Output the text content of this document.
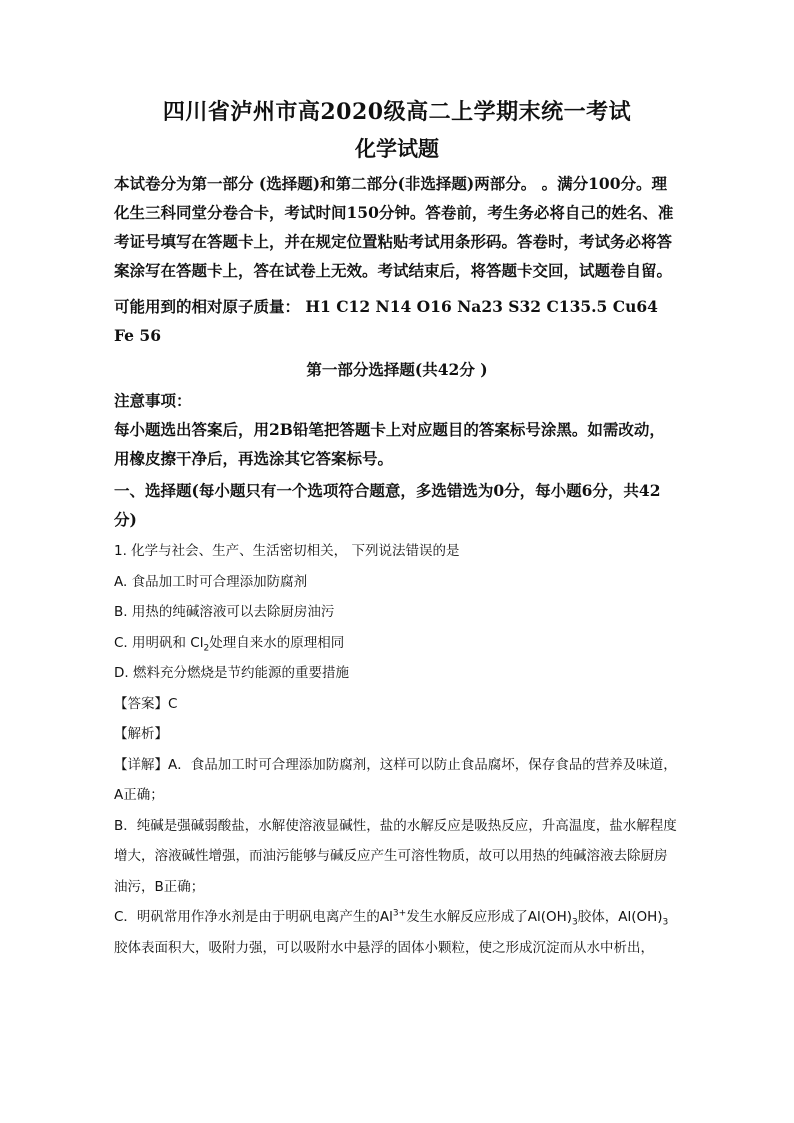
四川省泸州市高2020级高二上学期末统一考试
化学试题

本试卷分为第一部分 (选择题)和第二部分(非选择题)两部分。 。满分100分。理化生三科同堂分卷合卡，考试时间150分钟。答卷前，考生务必将自己的姓名、准考证号填写在答题卡上，并在规定位置粘贴考试用条形码。答卷时，考试务必将答案涂写在答题卡上，答在试卷上无效。考试结束后，将答题卡交回，试题卷自留。

可能用到的相对原子质量： H1 C12 N14 O16 Na23 S32 C135.5 Cu64 Fe 56

第一部分选择题(共42分 )

注意事项：

每小题选出答案后，用2B铅笔把答题卡上对应题目的答案标号涂黑。如需改动，用橡皮擦干净后，再选涂其它答案标号。

一、选择题(每小题只有一个选项符合题意，多选错选为0分，每小题6分，共42分)

1. 化学与社会、生产、生活密切相关， 下列说法错误的是

A. 食品加工时可合理添加防腐剂

B. 用热的纯碱溶液可以去除厨房油污

C. 用明矾和 $Cl_2$处理自来水的原理相同

D. 燃料充分燃烧是节约能源的重要措施

【答案】C

【解析】

【详解】A．食品加工时可合理添加防腐剂，这样可以防止食品腐坏，保存食品的营养及味道，A正确；

B．纯碱是强碱弱酸盐，水解使溶液显碱性，盐的水解反应是吸热反应，升高温度，盐水解程度增大，溶液碱性增强，而油污能够与碱反应产生可溶性物质，故可以用热的纯碱溶液去除厨房油污，B正确；

C．明矾常用作净水剂是由于明矾电离产生的$Al^{3+}$发生水解反应形成了$Al(OH)_3$胶体，$Al(OH)_3$胶体表面积大，吸附力强，可以吸附水中悬浮的固体小颗粒，使之形成沉淀而从水中析出，
